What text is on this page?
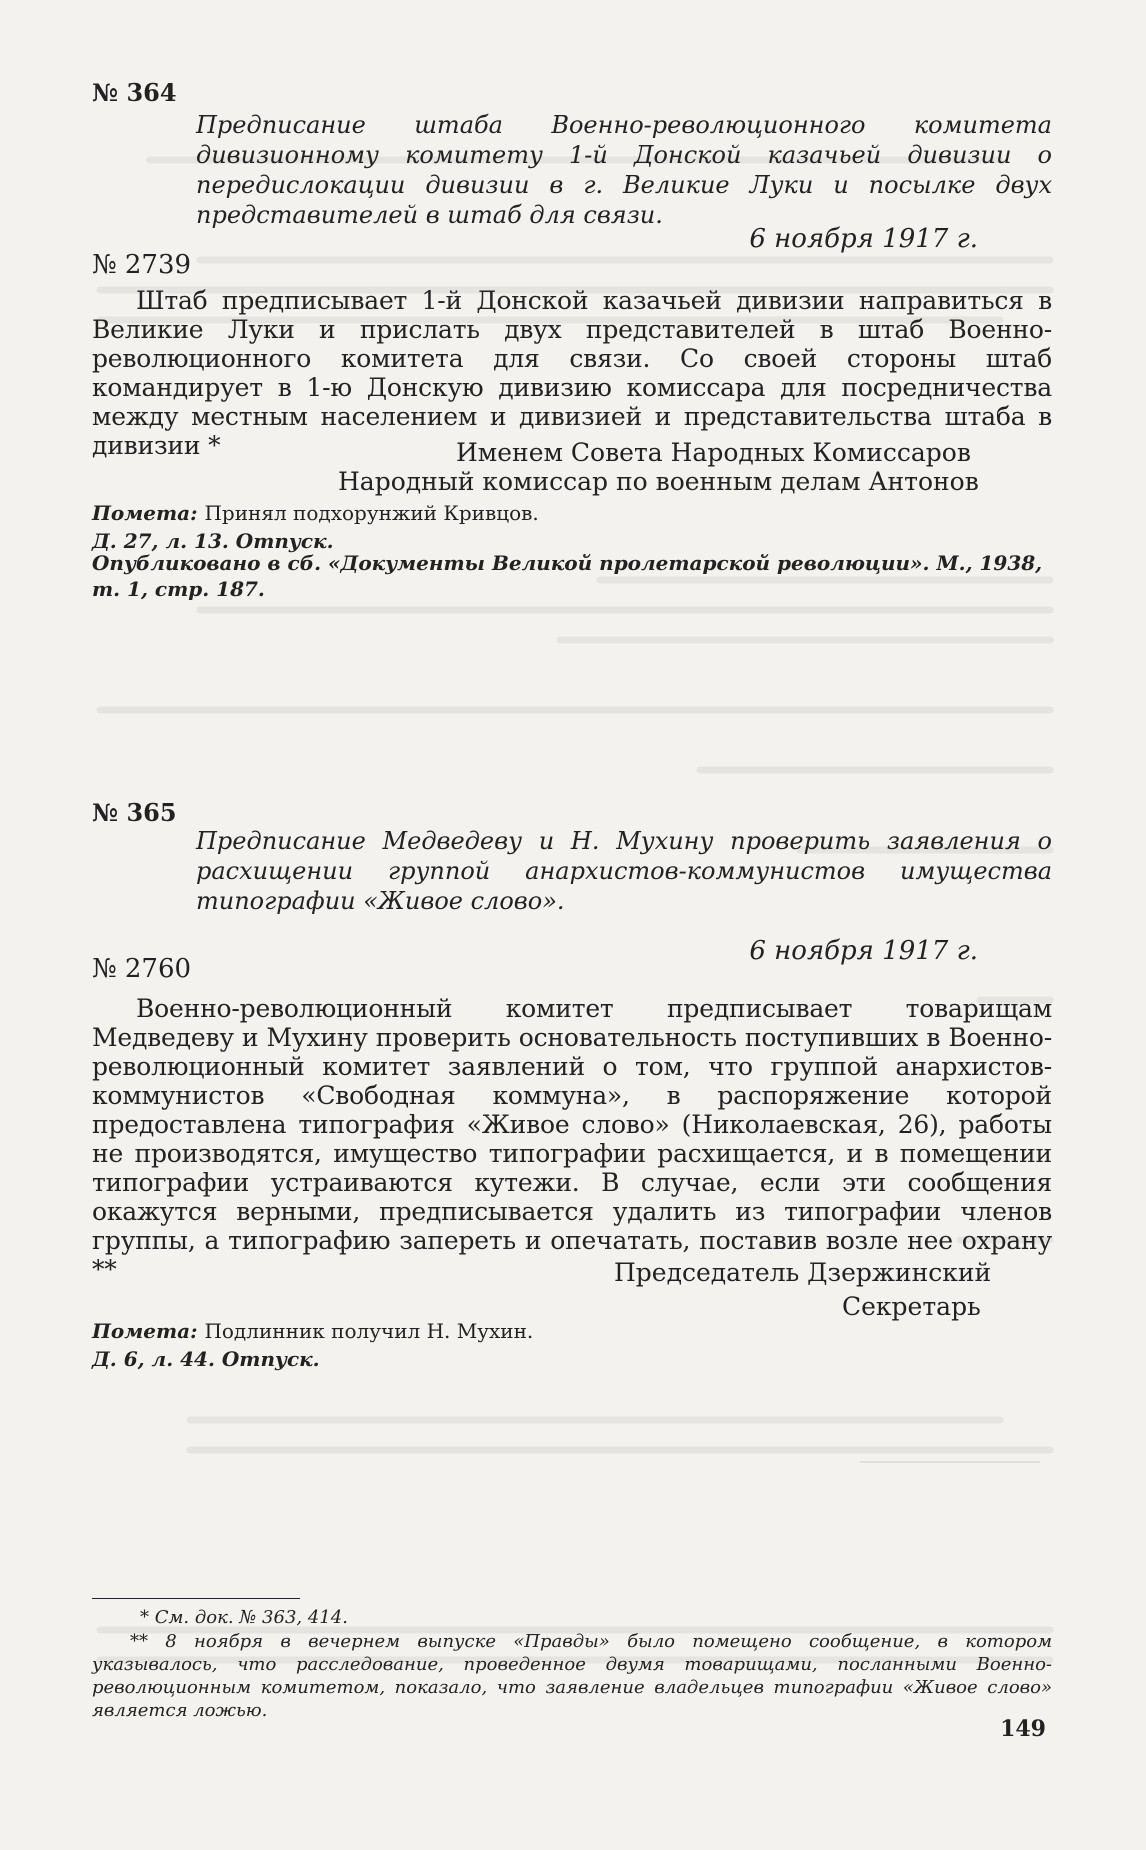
№ 364
Предписание штаба Военно-революционного комитета дивизионному комитету 1-й Донской казачьей дивизии о передислокации дивизии в г. Великие Луки и посылке двух представителей в штаб для связи.
6 ноября 1917 г.
№ 2739
Штаб предписывает 1-й Донской казачьей дивизии направиться в Великие Луки и прислать двух представителей в штаб Военно-революционного комитета для связи. Со своей стороны штаб командирует в 1-ю Донскую дивизию комиссара для посредничества между местным населением и дивизией и представительства штаба в дивизии *	Именем Совета Народных Комиссаров
Народный комиссар по военным делам Антонов
Помета: Принял подхорунжий Кривцов.
Д. 27, л. 13. Отпуск.
Опубликовано в сб. «Документы Великой пролетарской революции». М., 1938, т. 1, стр. 187.
№ 365
Предписание Медведеву и Н. Мухину проверить заявления о расхищении группой анархистов-коммунистов имущества типографии «Живое слово».
6 ноября 1917 г.
№ 2760
Военно-революционный комитет предписывает товарищам Медведеву и Мухину проверить основательность поступивших в Военно-революционный комитет заявлений о том, что группой анархистов-коммунистов «Свободная коммуна», в распоряжение которой предоставлена типография «Живое слово» (Николаевская, 26), работы не производятся, имущество типографии расхищается, и в помещении типографии устраиваются кутежи. В случае, если эти сообщения окажутся верными, предписывается удалить из типографии членов группы, а типографию запереть и опечатать, поставив возле нее охрану **	Председатель Дзержинский
Секретарь
Помета: Подлинник получил Н. Мухин.
Д. 6, л. 44. Отпуск.
* См. док. № 363, 414.
** 8 ноября в вечернем выпуске «Правды» было помещено сообщение, в котором указывалось, что расследование, проведенное двумя товарищами, посланными Военно-революционным комитетом, показало, что заявление владельцев типографии «Живое слово» является ложью.
149
